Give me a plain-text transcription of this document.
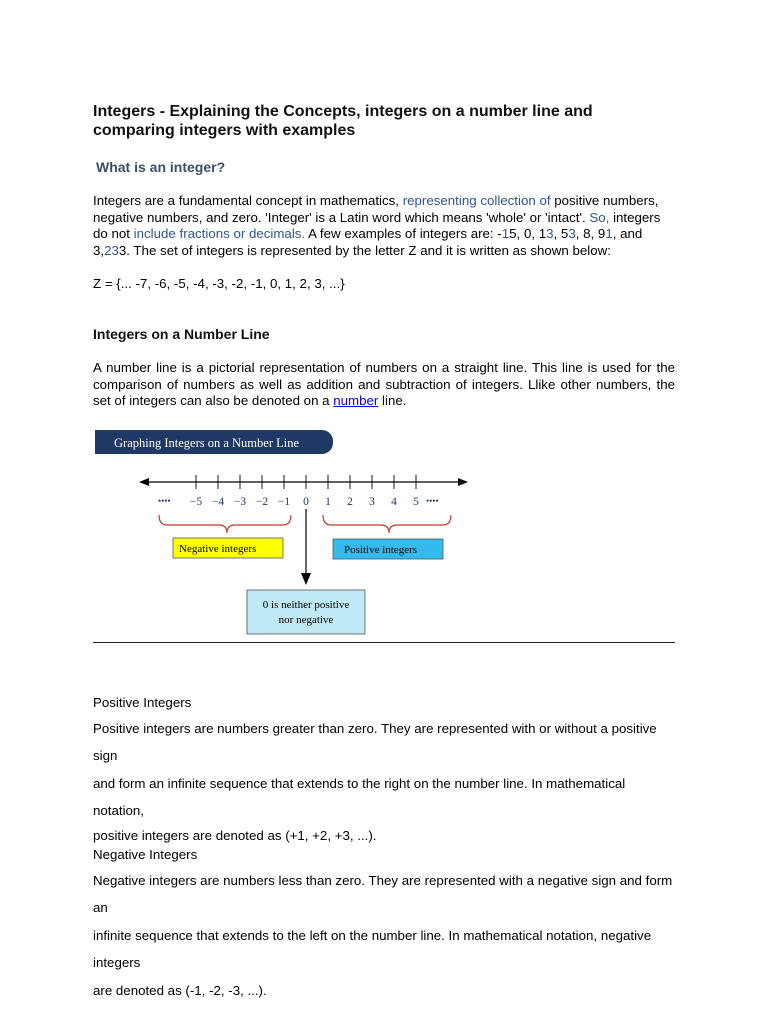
Integers - Explaining the Concepts, integers on a number line and comparing integers with examples
What is an integer?

Integers are a fundamental concept in mathematics, representing collection of positive numbers, negative numbers, and zero. 'Integer' is a Latin word which means 'whole' or 'intact'. So, integers do not include fractions or decimals. A few examples of integers are: -15, 0, 13, 53, 8, 91, and 3,233. The set of integers is represented by the letter Z and it is written as shown below:

Z = {... -7, -6, -5, -4, -3, -2, -1, 0, 1, 2, 3, ...}

Integers on a Number Line

A number line is a pictorial representation of numbers on a straight line. This line is used for the comparison of numbers as well as addition and subtraction of integers. Llike other numbers, the set of integers can also be denoted on a number line.

Graphing Integers on a Number Line
−5 −4 −3 −2 −1 0 1 2 3 4 5
••••	••••
Negative integers	Positive integers
0 is neither positive
nor negative

Positive Integers

Positive integers are numbers greater than zero. They are represented with or without a positive sign

and form an infinite sequence that extends to the right on the number line. In mathematical notation,

positive integers are denoted as (+1, +2, +3, ...).

Negative Integers

Negative integers are numbers less than zero. They are represented with a negative sign and form an

infinite sequence that extends to the left on the number line. In mathematical notation, negative integers

are denoted as (-1, -2, -3, ...).
